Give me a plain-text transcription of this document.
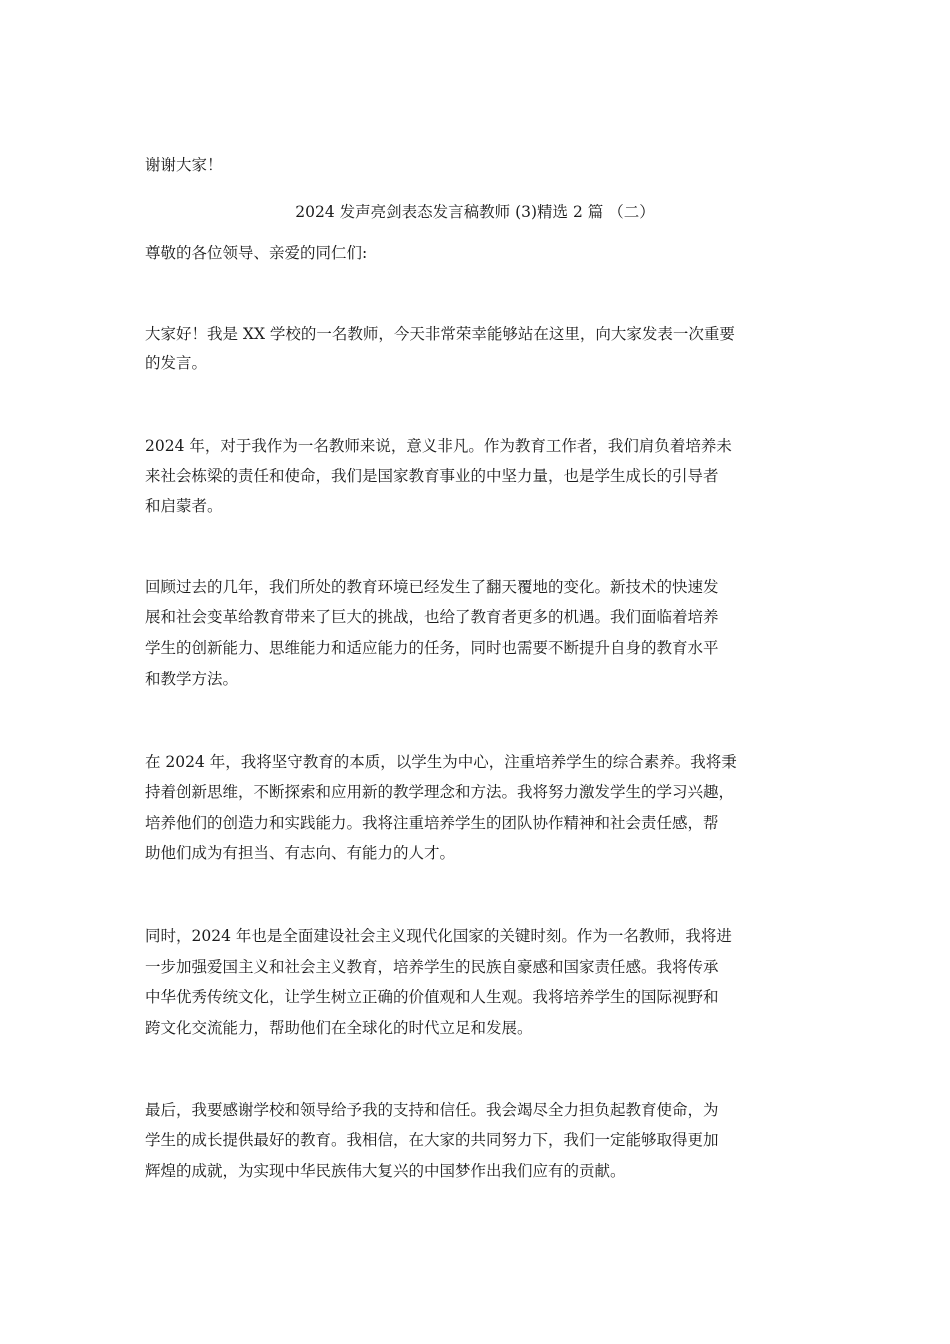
谢谢大家！
2024 发声亮剑表态发言稿教师 (3)精选 2 篇 （二）
尊敬的各位领导、亲爱的同仁们:
大家好！我是 XX 学校的一名教师，今天非常荣幸能够站在这里，向大家发表一次重要
的发言。
2024 年，对于我作为一名教师来说，意义非凡。作为教育工作者，我们肩负着培养未
来社会栋梁的责任和使命，我们是国家教育事业的中坚力量，也是学生成长的引导者
和启蒙者。
回顾过去的几年，我们所处的教育环境已经发生了翻天覆地的变化。新技术的快速发
展和社会变革给教育带来了巨大的挑战，也给了教育者更多的机遇。我们面临着培养
学生的创新能力、思维能力和适应能力的任务，同时也需要不断提升自身的教育水平
和教学方法。
在 2024 年，我将坚守教育的本质，以学生为中心，注重培养学生的综合素养。我将秉
持着创新思维，不断探索和应用新的教学理念和方法。我将努力激发学生的学习兴趣，
培养他们的创造力和实践能力。我将注重培养学生的团队协作精神和社会责任感，帮
助他们成为有担当、有志向、有能力的人才。
同时，2024 年也是全面建设社会主义现代化国家的关键时刻。作为一名教师，我将进
一步加强爱国主义和社会主义教育，培养学生的民族自豪感和国家责任感。我将传承
中华优秀传统文化，让学生树立正确的价值观和人生观。我将培养学生的国际视野和
跨文化交流能力，帮助他们在全球化的时代立足和发展。
最后，我要感谢学校和领导给予我的支持和信任。我会竭尽全力担负起教育使命，为
学生的成长提供最好的教育。我相信，在大家的共同努力下，我们一定能够取得更加
辉煌的成就，为实现中华民族伟大复兴的中国梦作出我们应有的贡献。
